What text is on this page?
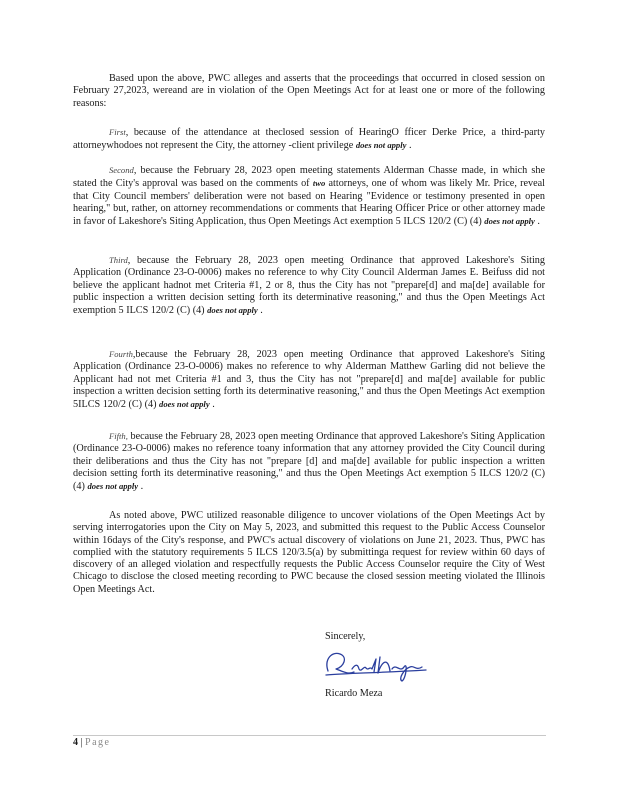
Based upon the above, PWC alleges and asserts that the proceedings that occurred in closed session on February 27,2023, wereand are in violation of the Open Meetings Act for at least one or more of the following reasons:

First, because of the attendance at theclosed session of HearingO fficer Derke Price, a third-party attorneywhodoes not represent the City, the attorney -client privilege does not apply .

Second, because the February 28, 2023 open meeting statements Alderman Chasse made, in which she stated the City's approval was based on the comments of two attorneys, one of whom was likely Mr. Price, reveal that City Council members' deliberation were not based on Hearing "Evidence or testimony presented in open hearing," but, rather, on attorney recommendations or comments that Hearing Officer Price or other attorney made in favor of Lakeshore's Siting Application, thus Open Meetings Act exemption 5 ILCS 120/2 (C) (4) does not apply .

Third, because the February 28, 2023 open meeting Ordinance that approved Lakeshore's Siting Application (Ordinance 23-O-0006) makes no reference to why City Council Alderman James E. Beifuss did not believe the applicant hadnot met Criteria #1, 2 or 8, thus the City has not "prepare[d] and ma[de] available for public inspection a written decision setting forth its determinative reasoning," and thus the Open Meetings Act exemption 5 ILCS 120/2 (C) (4) does not apply .

Fourth,because the February 28, 2023 open meeting Ordinance that approved Lakeshore's Siting Application (Ordinance 23-O-0006) makes no reference to why Alderman Matthew Garling did not believe the Applicant had not met Criteria #1 and 3, thus the City has not "prepare[d] and ma[de] available for public inspection a written decision setting forth its determinative reasoning," and thus the Open Meetings Act exemption 5ILCS 120/2 (C) (4) does not apply .

Fifth, because the February 28, 2023 open meeting Ordinance that approved Lakeshore's Siting Application (Ordinance 23-O-0006) makes no reference toany information that any attorney provided the City Council during their deliberations and thus the City has not "prepare [d] and ma[de] available for public inspection a written decision setting forth its determinative reasoning," and thus the Open Meetings Act exemption 5 ILCS 120/2 (C) (4) does not apply .

As noted above, PWC utilized reasonable diligence to uncover violations of the Open Meetings Act by serving interrogatories upon the City on May 5, 2023, and submitted this request to the Public Access Counselor within 16days of the City's response, and PWC's actual discovery of violations on June 21, 2023. Thus, PWC has complied with the statutory requirements 5 ILCS 120/3.5(a) by submittinga request for review within 60 days of discovery of an alleged violation and respectfully requests the Public Access Counselor require the City of West Chicago to disclose the closed meeting recording to PWC because the closed session meeting violated the Illinois Open Meetings Act.

Sincerely,

Ricardo Meza

4 | Page
